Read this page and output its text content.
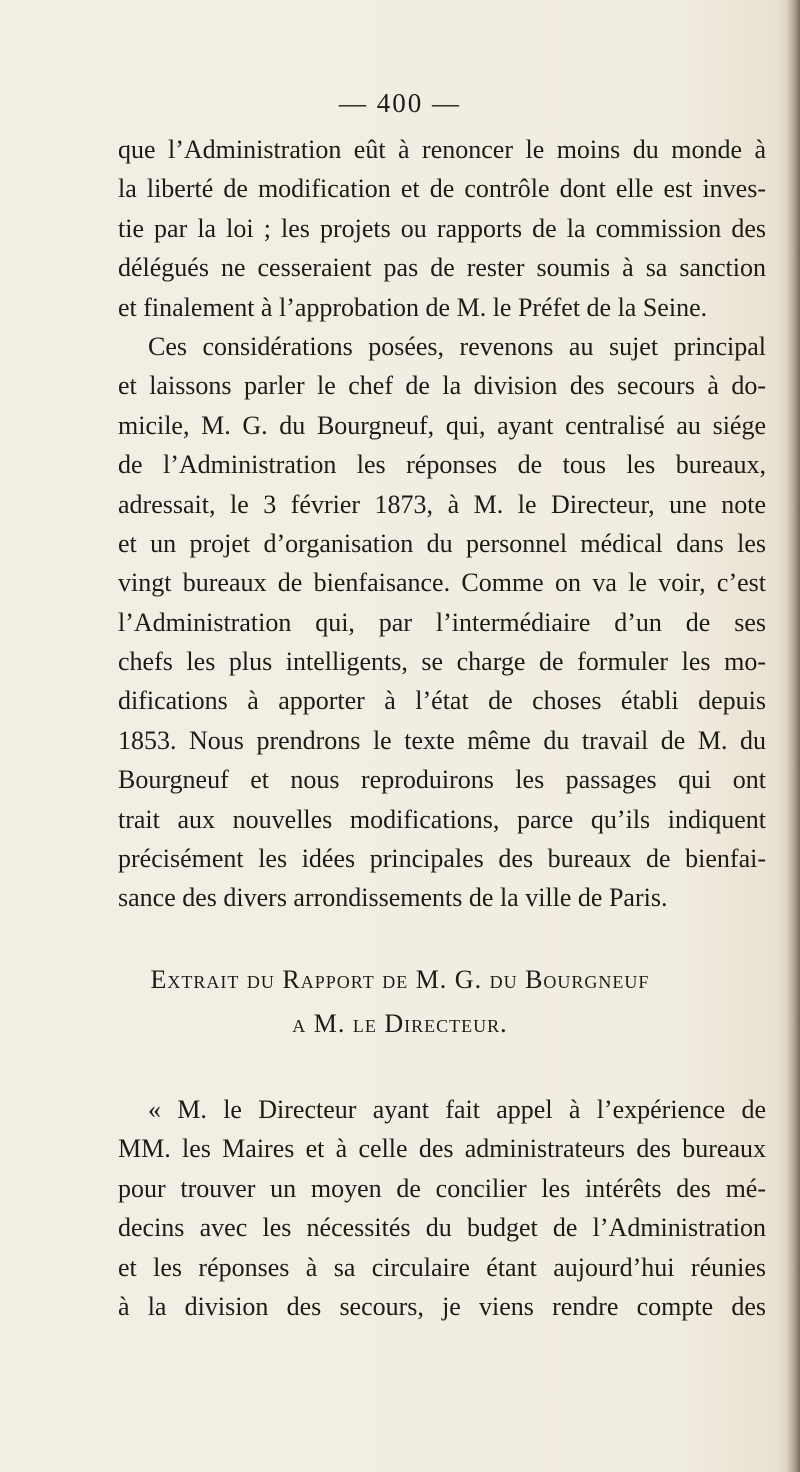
— 400 —
que l’Administration eût à renoncer le moins du monde à
la liberté de modification et de contrôle dont elle est inves-
tie par la loi ; les projets ou rapports de la commission des
délégués ne cesseraient pas de rester soumis à sa sanction
et finalement à l’approbation de M. le Préfet de la Seine.
Ces considérations posées, revenons au sujet principal
et laissons parler le chef de la division des secours à do-
micile, M. G. du Bourgneuf, qui, ayant centralisé au siége
de l’Administration les réponses de tous les bureaux,
adressait, le 3 février 1873, à M. le Directeur, une note
et un projet d’organisation du personnel médical dans les
vingt bureaux de bienfaisance. Comme on va le voir, c’est
l’Administration qui, par l’intermédiaire d’un de ses
chefs les plus intelligents, se charge de formuler les mo-
difications à apporter à l’état de choses établi depuis
1853. Nous prendrons le texte même du travail de M. du
Bourgneuf et nous reproduirons les passages qui ont
trait aux nouvelles modifications, parce qu’ils indiquent
précisément les idées principales des bureaux de bienfai-
sance des divers arrondissements de la ville de Paris.
Extrait du Rapport de M. G. du Bourgneuf
a M. le Directeur.
« M. le Directeur ayant fait appel à l’expérience de
MM. les Maires et à celle des administrateurs des bureaux
pour trouver un moyen de concilier les intérêts des mé-
decins avec les nécessités du budget de l’Administration
et les réponses à sa circulaire étant aujourd’hui réunies
à la division des secours, je viens rendre compte des
